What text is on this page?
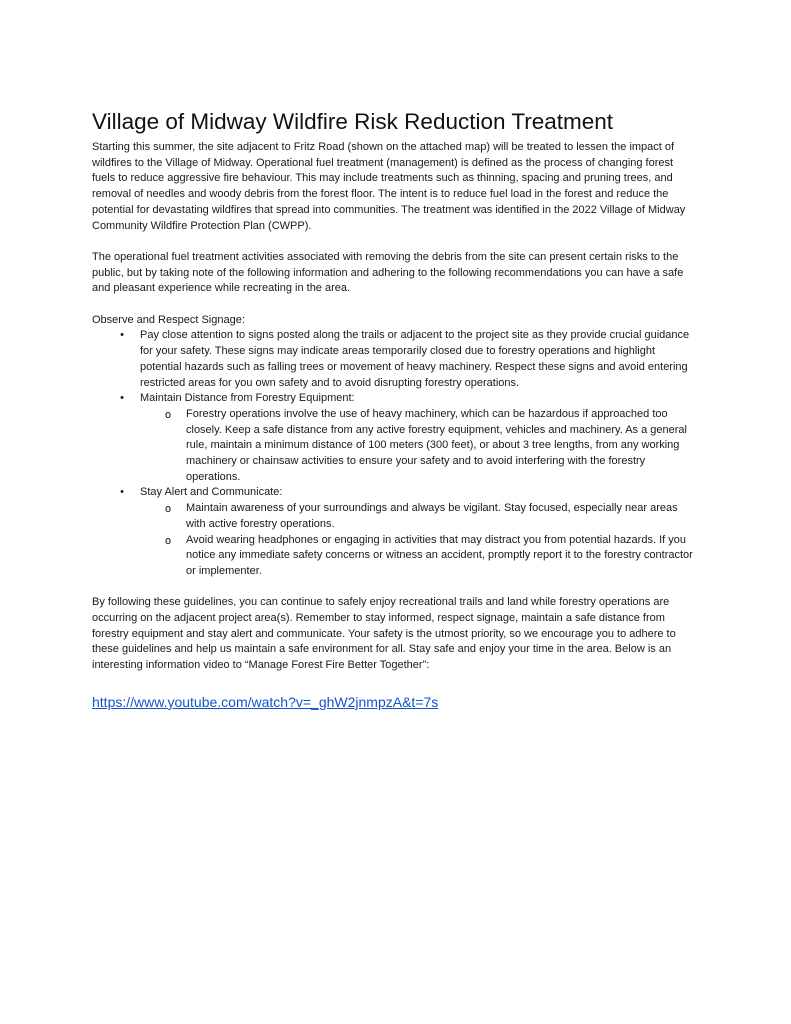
Village of Midway Wildfire Risk Reduction Treatment

Starting this summer, the site adjacent to Fritz Road (shown on the attached map) will be treated to lessen the impact of wildfires to the Village of Midway. Operational fuel treatment (management) is defined as the process of changing forest fuels to reduce aggressive fire behaviour. This may include treatments such as thinning, spacing and pruning trees, and removal of needles and woody debris from the forest floor. The intent is to reduce fuel load in the forest and reduce the potential for devastating wildfires that spread into communities. The treatment was identified in the 2022 Village of Midway Community Wildfire Protection Plan (CWPP).

The operational fuel treatment activities associated with removing the debris from the site can present certain risks to the public, but by taking note of the following information and adhering to the following recommendations you can have a safe and pleasant experience while recreating in the area.

Observe and Respect Signage:
•	Pay close attention to signs posted along the trails or adjacent to the project site as they provide crucial guidance for your safety. These signs may indicate areas temporarily closed due to forestry operations and highlight potential hazards such as falling trees or movement of heavy machinery. Respect these signs and avoid entering restricted areas for you own safety and to avoid disrupting forestry operations.
•	Maintain Distance from Forestry Equipment:
o Forestry operations involve the use of heavy machinery, which can be hazardous if approached too closely. Keep a safe distance from any active forestry equipment, vehicles and machinery. As a general rule, maintain a minimum distance of 100 meters (300 feet), or about 3 tree lengths, from any working machinery or chainsaw activities to ensure your safety and to avoid interfering with the forestry operations.
•	Stay Alert and Communicate:
o Maintain awareness of your surroundings and always be vigilant. Stay focused, especially near areas with active forestry operations.
o Avoid wearing headphones or engaging in activities that may distract you from potential hazards. If you notice any immediate safety concerns or witness an accident, promptly report it to the forestry contractor or implementer.

By following these guidelines, you can continue to safely enjoy recreational trails and land while forestry operations are occurring on the adjacent project area(s). Remember to stay informed, respect signage, maintain a safe distance from forestry equipment and stay alert and communicate. Your safety is the utmost priority, so we encourage you to adhere to these guidelines and help us maintain a safe environment for all. Stay safe and enjoy your time in the area. Below is an interesting information video to “Manage Forest Fire Better Together”:

https://www.youtube.com/watch?v=_ghW2jnmpzA&t=7s
